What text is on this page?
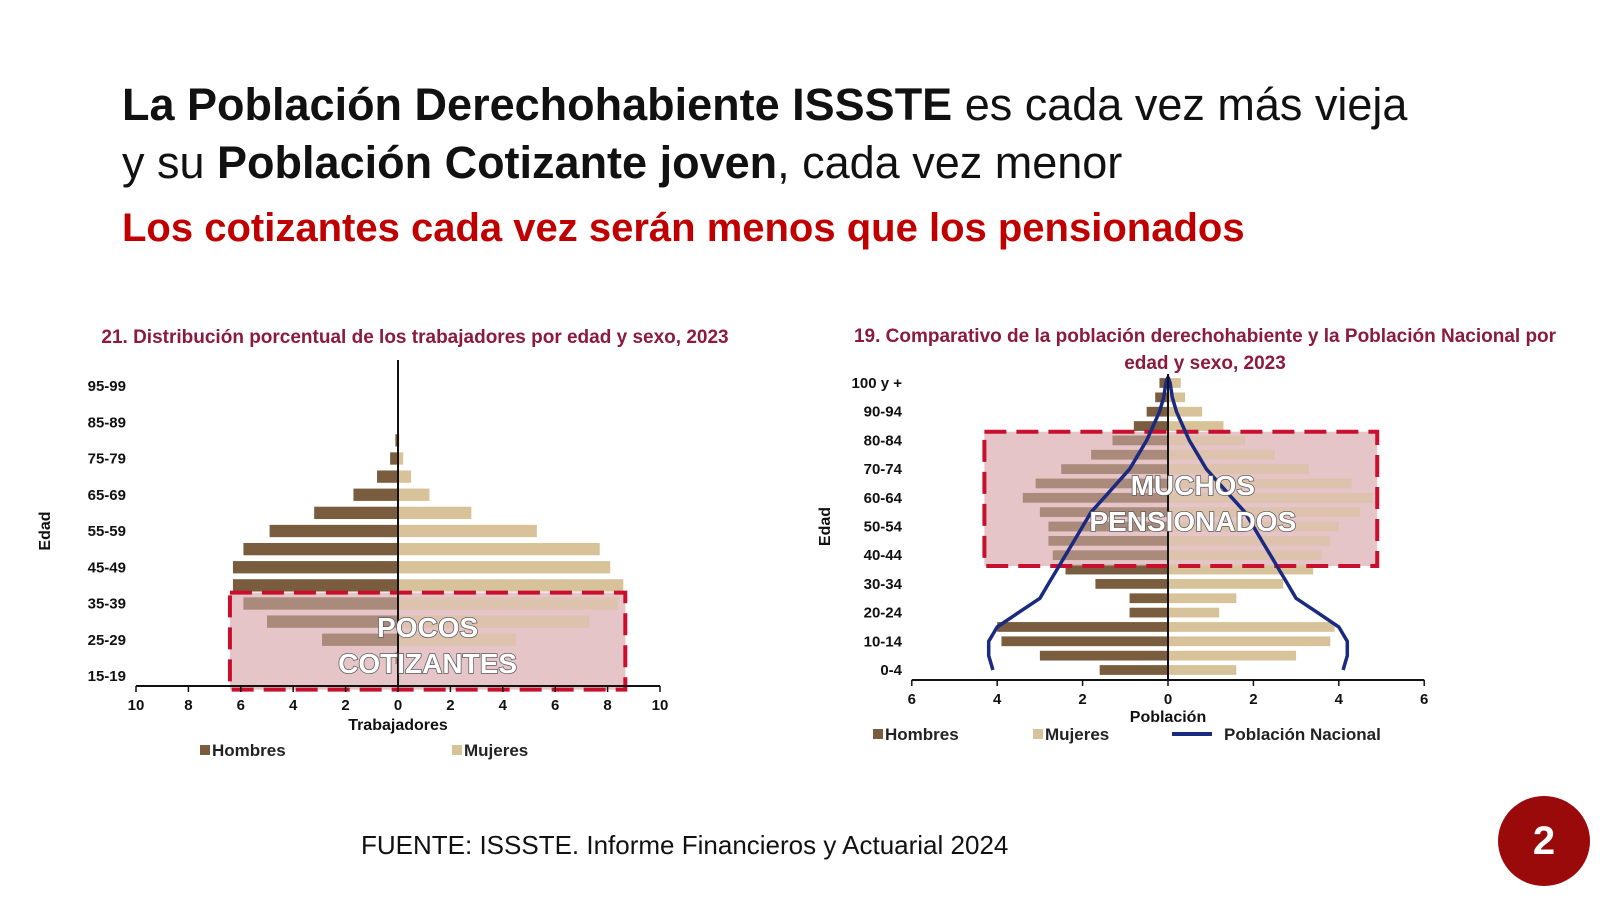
La Población Derechohabiente ISSSTE es cada vez más vieja
y su Población Cotizante joven, cada vez menor
Los cotizantes cada vez serán menos que los pensionados
21. Distribución porcentual de los trabajadores por edad y sexo, 2023	19. Comparativo de la población derechohabiente y la Población Nacional por edad y sexo, 2023
10	8	6	4	2	0	2	4	6	8	10
95-99
85-89
75-79
65-69
55-59
45-49
35-39
25-29
15-19
Trabajadores
Edad
POCOS
COTIZANTES
Hombres	Mujeres
6	4	2	0	2	4	6
100 y +
90-94
80-84
70-74
60-64
50-54
40-44
30-34
20-24
10-14
0-4
Población
Edad
MUCHOS
PENSIONADOS
Hombres	Mujeres	Población Nacional
FUENTE: ISSSTE. Informe Financieros y Actuarial 2024	2
